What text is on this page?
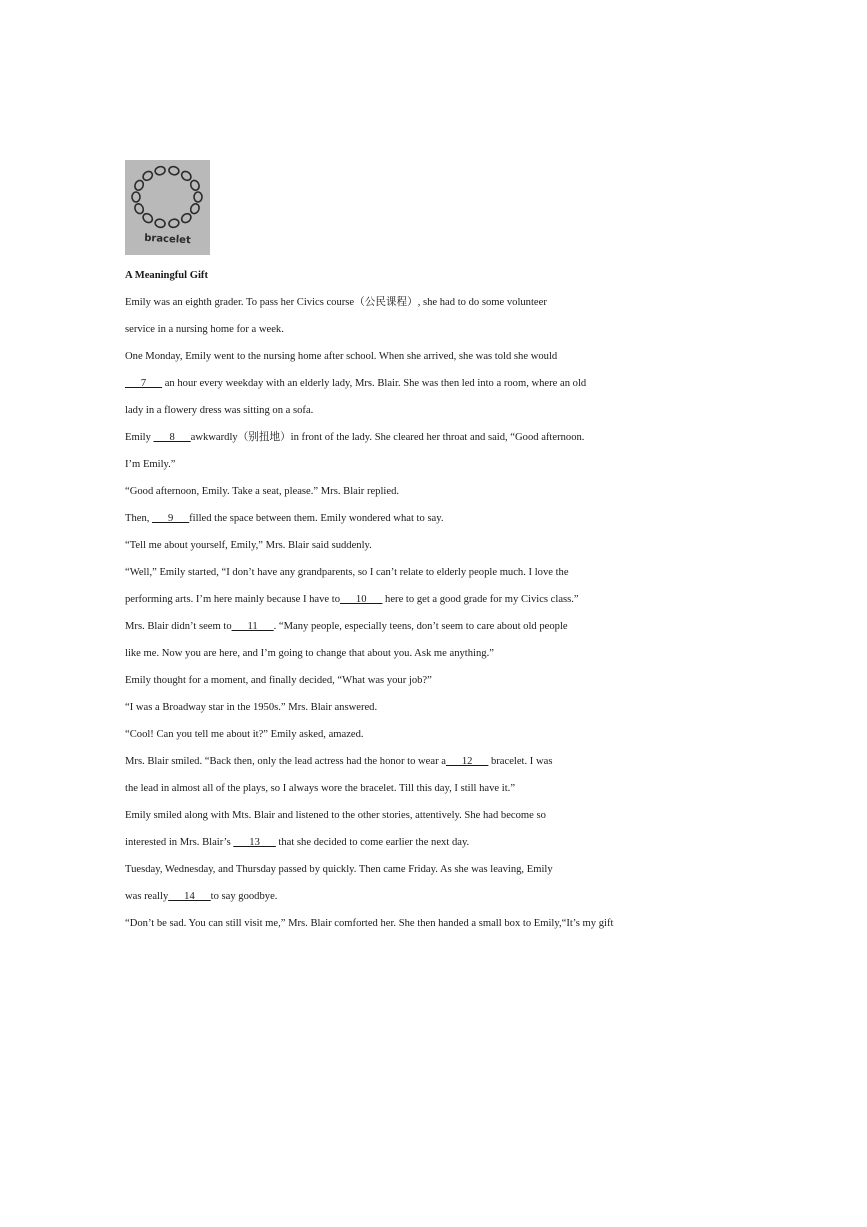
bracelet
A Meaningful Gift
Emily was an eighth grader. To pass her Civics course（公民课程）, she had to do some volunteer
service in a nursing home for a week.
One Monday, Emily went to the nursing home after school. When she arrived, she was told she would
___7___ an hour every weekday with an elderly lady, Mrs. Blair. She was then led into a room, where an old
lady in a flowery dress was sitting on a sofa.
Emily ___8___awkwardly（别扭地）in front of the lady. She cleared her throat and said, “Good afternoon.
I’m Emily.”
“Good afternoon, Emily. Take a seat, please.” Mrs. Blair replied.
Then, ___9___filled the space between them. Emily wondered what to say.
“Tell me about yourself, Emily,” Mrs. Blair said suddenly.
“Well,” Emily started, “I don’t have any grandparents, so I can’t relate to elderly people much. I love the
performing arts. I’m here mainly because I have to___10___ here to get a good grade for my Civics class.”
Mrs. Blair didn’t seem to___11___. “Many people, especially teens, don’t seem to care about old people
like me. Now you are here, and I’m going to change that about you. Ask me anything.”
Emily thought for a moment, and finally decided, “What was your job?”
“I was a Broadway star in the 1950s.” Mrs. Blair answered.
“Cool! Can you tell me about it?” Emily asked, amazed.
Mrs. Blair smiled. “Back then, only the lead actress had the honor to wear a___12___ bracelet. I was
the lead in almost all of the plays, so I always wore the bracelet. Till this day, I still have it.”
Emily smiled along with Mts. Blair and listened to the other stories, attentively. She had become so
interested in Mrs. Blair’s ___13___ that she decided to come earlier the next day.
Tuesday, Wednesday, and Thursday passed by quickly. Then came Friday. As she was leaving, Emily
was really___14___to say goodbye.
“Don’t be sad. You can still visit me,” Mrs. Blair comforted her. She then handed a small box to Emily,“It’s my gift
